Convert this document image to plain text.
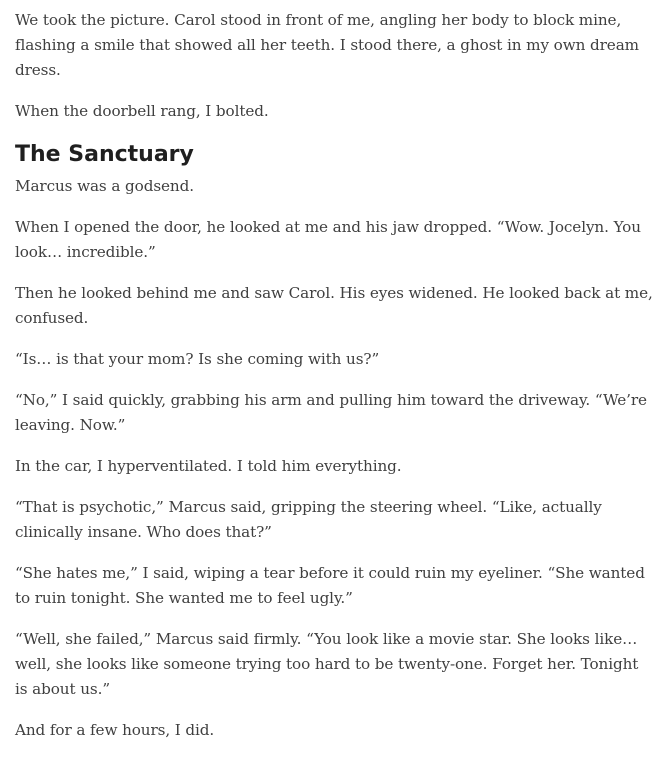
We took the picture. Carol stood in front of me, angling her body to block mine, flashing a smile that showed all her teeth. I stood there, a ghost in my own dream dress.

When the doorbell rang, I bolted.

The Sanctuary

Marcus was a godsend.

When I opened the door, he looked at me and his jaw dropped. “Wow. Jocelyn. You look… incredible.”

Then he looked behind me and saw Carol. His eyes widened. He looked back at me, confused.

“Is… is that your mom? Is she coming with us?”

“No,” I said quickly, grabbing his arm and pulling him toward the driveway. “We’re leaving. Now.”

In the car, I hyperventilated. I told him everything.

“That is psychotic,” Marcus said, gripping the steering wheel. “Like, actually clinically insane. Who does that?”

“She hates me,” I said, wiping a tear before it could ruin my eyeliner. “She wanted to ruin tonight. She wanted me to feel ugly.”

“Well, she failed,” Marcus said firmly. “You look like a movie star. She looks like… well, she looks like someone trying too hard to be twenty-one. Forget her. Tonight is about us.”

And for a few hours, I did.
